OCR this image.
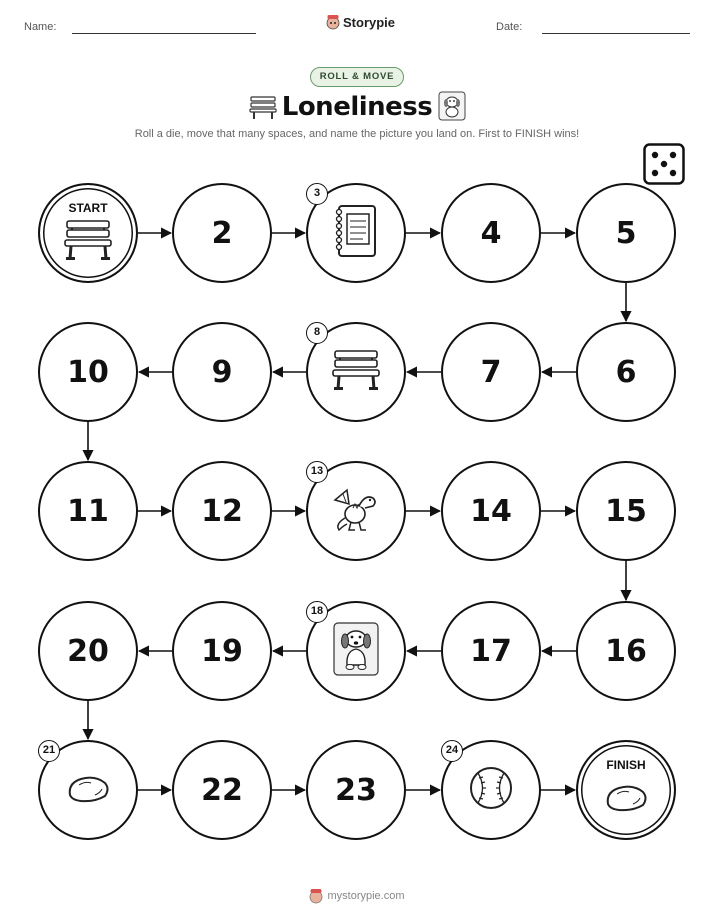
Name:	Storypie	Date:
ROLL & MOVE
Loneliness
Roll a die, move that many spaces, and name the picture you land on. First to FINISH wins!
START
2
3
4	5
6
7
8
9
10
11	12
13
14	15
16
17
18
19
20
21
22	23
24
FINISH
mystorypie.com
